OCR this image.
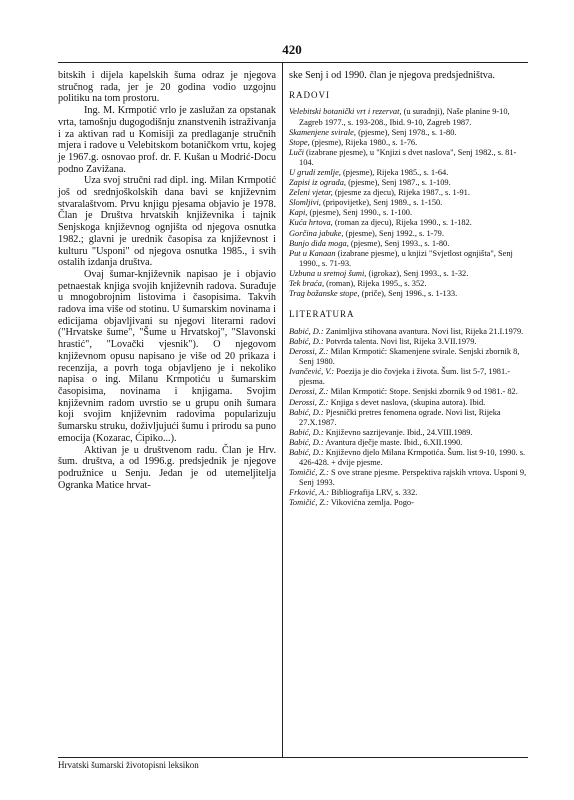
420

bitskih i dijela kapelskih šuma odraz je njegova stručnog rada, jer je 20 godina vodio uzgojnu politiku na tom prostoru.

Ing. M. Krmpotić vrlo je zaslužan za opstanak vrta, tamošnju dugogodišnju znanstvenih istraživanja i za aktivan rad u Komisiji za predlaganje stručnih mjera i radove u Velebitskom botaničkom vrtu, kojeg je 1967.g. osnovao prof. dr. F. Kušan u Modrić-Docu podno Zavižana.

Uza svoj stručni rad dipl. ing. Milan Krmpotić još od srednjoškolskih dana bavi se književnim stvaralaštvom. Prvu knjigu pjesama objavio je 1978. Član je Društva hrvatskih književnika i tajnik Senjskoga književnog ognjišta od njegova osnutka 1982.; glavni je urednik časopisa za književnost i kulturu "Usponi" od njegova osnutka 1985., i svih ostalih izdanja društva.

Ovaj šumar-književnik napisao je i objavio petnaestak knjiga svojih književnih radova. Surađuje u mnogobrojnim listovima i časopisima. Takvih radova ima više od stotinu. U šumarskim novinama i edicijama objavljivani su njegovi literarni radovi ("Hrvatske šume", "Šume u Hrvatskoj", "Slavonski hrastić", "Lovački vjesnik"). O njegovom književnom opusu napisano je više od 20 prikaza i recenzija, a povrh toga objavljeno je i nekoliko napisa o ing. Milanu Krmpotiću u šumarskim časopisima, novinama i knjigama. Svojim književnim radom uvrstio se u grupu onih šumara koji svojim književnim radovima popularizuju šumarsku struku, doživljujući šumu i prirodu sa puno emocija (Kozarac, Ćipiko...).

Aktivan je u društvenom radu. Član je Hrv. šum. društva, a od 1996.g. predsjednik je njegove podružnice u Senju. Jedan je od utemeljitelja Ogranka Matice hrvat-

ske Senj i od 1990. član je njegova predsjedništva.

RADOVI

Velebitski botanički vrt i rezervat, (u suradnji), Naše planine 9-10, Zagreb 1977., s. 193-208., Ibid. 9-10, Zagreb 1987.

Skamenjene svirale, (pjesme), Senj 1978., s. 1-80.

Stope, (pjesme), Rijeka 1980., s. 1-76.

Luči (izabrane pjesme), u "Knjizi s dvet naslova", Senj 1982., s. 81-104.

U grudi zemlje, (pjesme), Rijeka 1985., s. 1-64.

Zapisi iz ograda, (pjesme), Senj 1987., s. 1-109.

Zeleni vjetar, (pjesme za djecu), Rijeka 1987., s. 1-91.

Slomljivi, (pripovijetke), Senj 1989., s. 1-150.

Kapi, (pjesme), Senj 1990., s. 1-100.

Kuća hrtova, (roman za djecu), Rijeka 1990., s. 1-182.

Gorčina jabuke, (pjesme), Senj 1992., s. 1-79.

Bunjo dida moga, (pjesme), Senj 1993., s. 1-80.

Put u Kanaan (izabrane pjesme), u knjizi "Svjetlost ognjišta", Senj 1990., s. 71-93.

Uzbuna u sretnoj šumi, (igrokaz), Senj 1993., s. 1-32.

Tek braća, (roman), Rijeka 1995., s. 352.

Trag božanske stope, (priče), Senj 1996., s. 1-133.

LITERATURA

Babić, D.: Zanimljiva stihovana avantura. Novi list, Rijeka 21.I.1979.

Babić, D.: Potvrda talenta. Novi list, Rijeka 3.VII.1979.

Derossi, Z.: Milan Krmpotić: Skamenjene svirale. Senjski zbornik 8, Senj 1980.

Ivančević, V.: Poezija je dio čovjeka i života. Šum. list 5-7, 1981.-pjesma.

Derossi, Z.: Milan Krmpotić: Stope. Senjski zbornik 9 od 1981.- 82.

Derossi, Z.: Knjiga s devet naslova, (skupina autora). Ibid.

Babić, D.: Pjesnički pretres fenomena ograde. Novi list, Rijeka 27.X.1987.

Babić, D.: Književno sazrijevanje. Ibid., 24.VIII.1989.

Babić, D.: Avantura dječje maste. Ibid., 6.XII.1990.

Babić, D.: Književno djelo Milana Krmpotića. Šum. list 9-10, 1990. s. 426-428. + dvije pjesme.

Tomičić, Z.: S ove strane pjesme. Perspektiva rajskih vrtova. Usponi 9, Senj 1993.

Frković, A.: Bibliografija LRV, s. 332.

Tomičić, Z.: Vikovićna zemlja. Pogo-

Hrvatski šumarski životopisni leksikon
